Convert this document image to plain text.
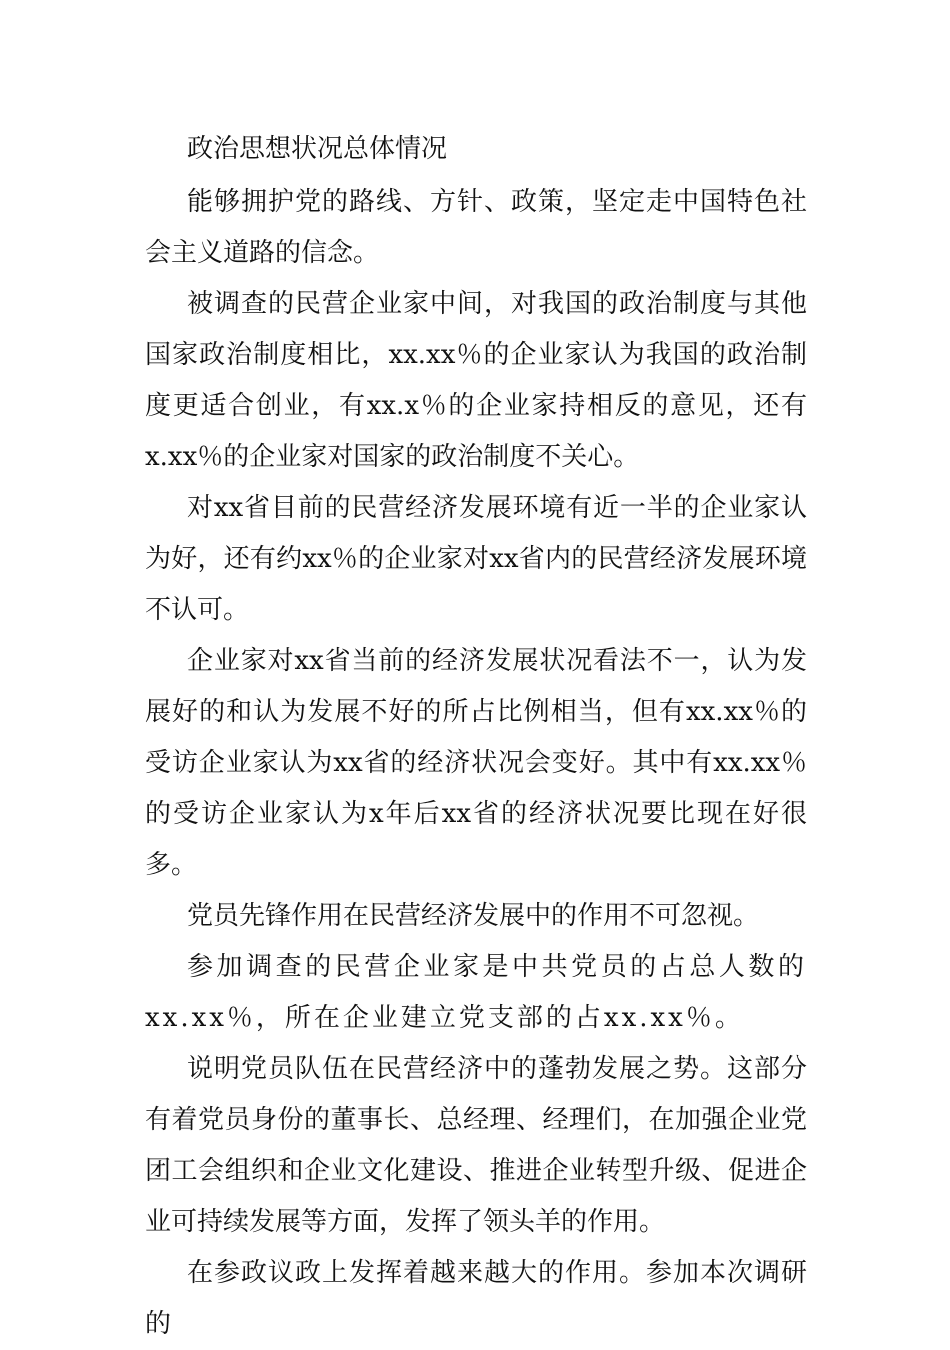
政治思想状况总体情况

能够拥护党的路线、方针、政策，坚定走中国特色社会主义道路的信念。

被调查的民营企业家中间，对我国的政治制度与其他国家政治制度相比，xx.xx％的企业家认为我国的政治制度更适合创业，有xx.x％的企业家持相反的意见，还有x.xx％的企业家对国家的政治制度不关心。

对xx省目前的民营经济发展环境有近一半的企业家认为好，还有约xx％的企业家对xx省内的民营经济发展环境不认可。

企业家对xx省当前的经济发展状况看法不一，认为发展好的和认为发展不好的所占比例相当，但有xx.xx％的受访企业家认为xx省的经济状况会变好。其中有xx.xx％的受访企业家认为x年后xx省的经济状况要比现在好很多。

党员先锋作用在民营经济发展中的作用不可忽视。

参加调查的民营企业家是中共党员的占总人数的xx.xx％，所在企业建立党支部的占xx.xx％。

说明党员队伍在民营经济中的蓬勃发展之势。这部分有着党员身份的董事长、总经理、经理们，在加强企业党团工会组织和企业文化建设、推进企业转型升级、促进企业可持续发展等方面，发挥了领头羊的作用。

在参政议政上发挥着越来越大的作用。参加本次调研的
